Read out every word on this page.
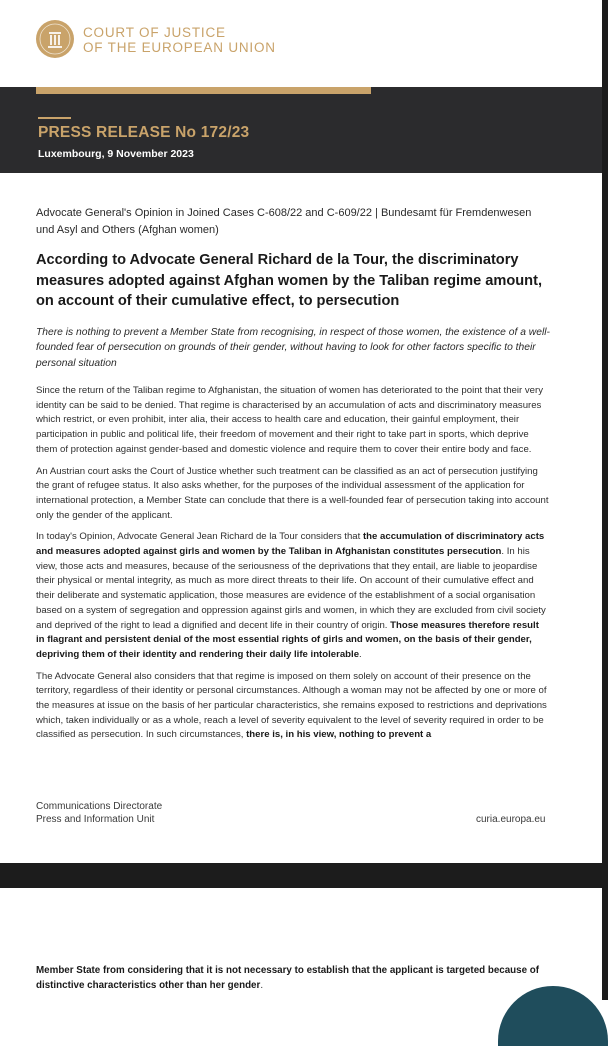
COURT OF JUSTICE
OF THE EUROPEAN UNION
PRESS RELEASE No 172/23
Luxembourg, 9 November 2023

Advocate General's Opinion in Joined Cases C-608/22 and C-609/22 | Bundesamt für Fremdenwesen und Asyl and Others (Afghan women)

According to Advocate General Richard de la Tour, the discriminatory measures adopted against Afghan women by the Taliban regime amount, on account of their cumulative effect, to persecution

There is nothing to prevent a Member State from recognising, in respect of those women, the existence of a well-founded fear of persecution on grounds of their gender, without having to look for other factors specific to their personal situation

Since the return of the Taliban regime to Afghanistan, the situation of women has deteriorated to the point that their very identity can be said to be denied. That regime is characterised by an accumulation of acts and discriminatory measures which restrict, or even prohibit, inter alia, their access to health care and education, their gainful employment, their participation in public and political life, their freedom of movement and their right to take part in sports, which deprive them of protection against gender-based and domestic violence and require them to cover their entire body and face.

An Austrian court asks the Court of Justice whether such treatment can be classified as an act of persecution justifying the grant of refugee status. It also asks whether, for the purposes of the individual assessment of the application for international protection, a Member State can conclude that there is a well-founded fear of persecution taking into account only the gender of the applicant.

In today's Opinion, Advocate General Jean Richard de la Tour considers that the accumulation of discriminatory acts and measures adopted against girls and women by the Taliban in Afghanistan constitutes persecution. In his view, those acts and measures, because of the seriousness of the deprivations that they entail, are liable to jeopardise their physical or mental integrity, as much as more direct threats to their life. On account of their cumulative effect and their deliberate and systematic application, those measures are evidence of the establishment of a social organisation based on a system of segregation and oppression against girls and women, in which they are excluded from civil society and deprived of the right to lead a dignified and decent life in their country of origin. Those measures therefore result in flagrant and persistent denial of the most essential rights of girls and women, on the basis of their gender, depriving them of their identity and rendering their daily life intolerable.

The Advocate General also considers that that regime is imposed on them solely on account of their presence on the territory, regardless of their identity or personal circumstances. Although a woman may not be affected by one or more of the measures at issue on the basis of her particular characteristics, she remains exposed to restrictions and deprivations which, taken individually or as a whole, reach a level of severity equivalent to the level of severity required in order to be classified as persecution. In such circumstances, there is, in his view, nothing to prevent a

Communications Directorate
Press and Information Unit	curia.europa.eu

Member State from considering that it is not necessary to establish that the applicant is targeted because of distinctive characteristics other than her gender.
